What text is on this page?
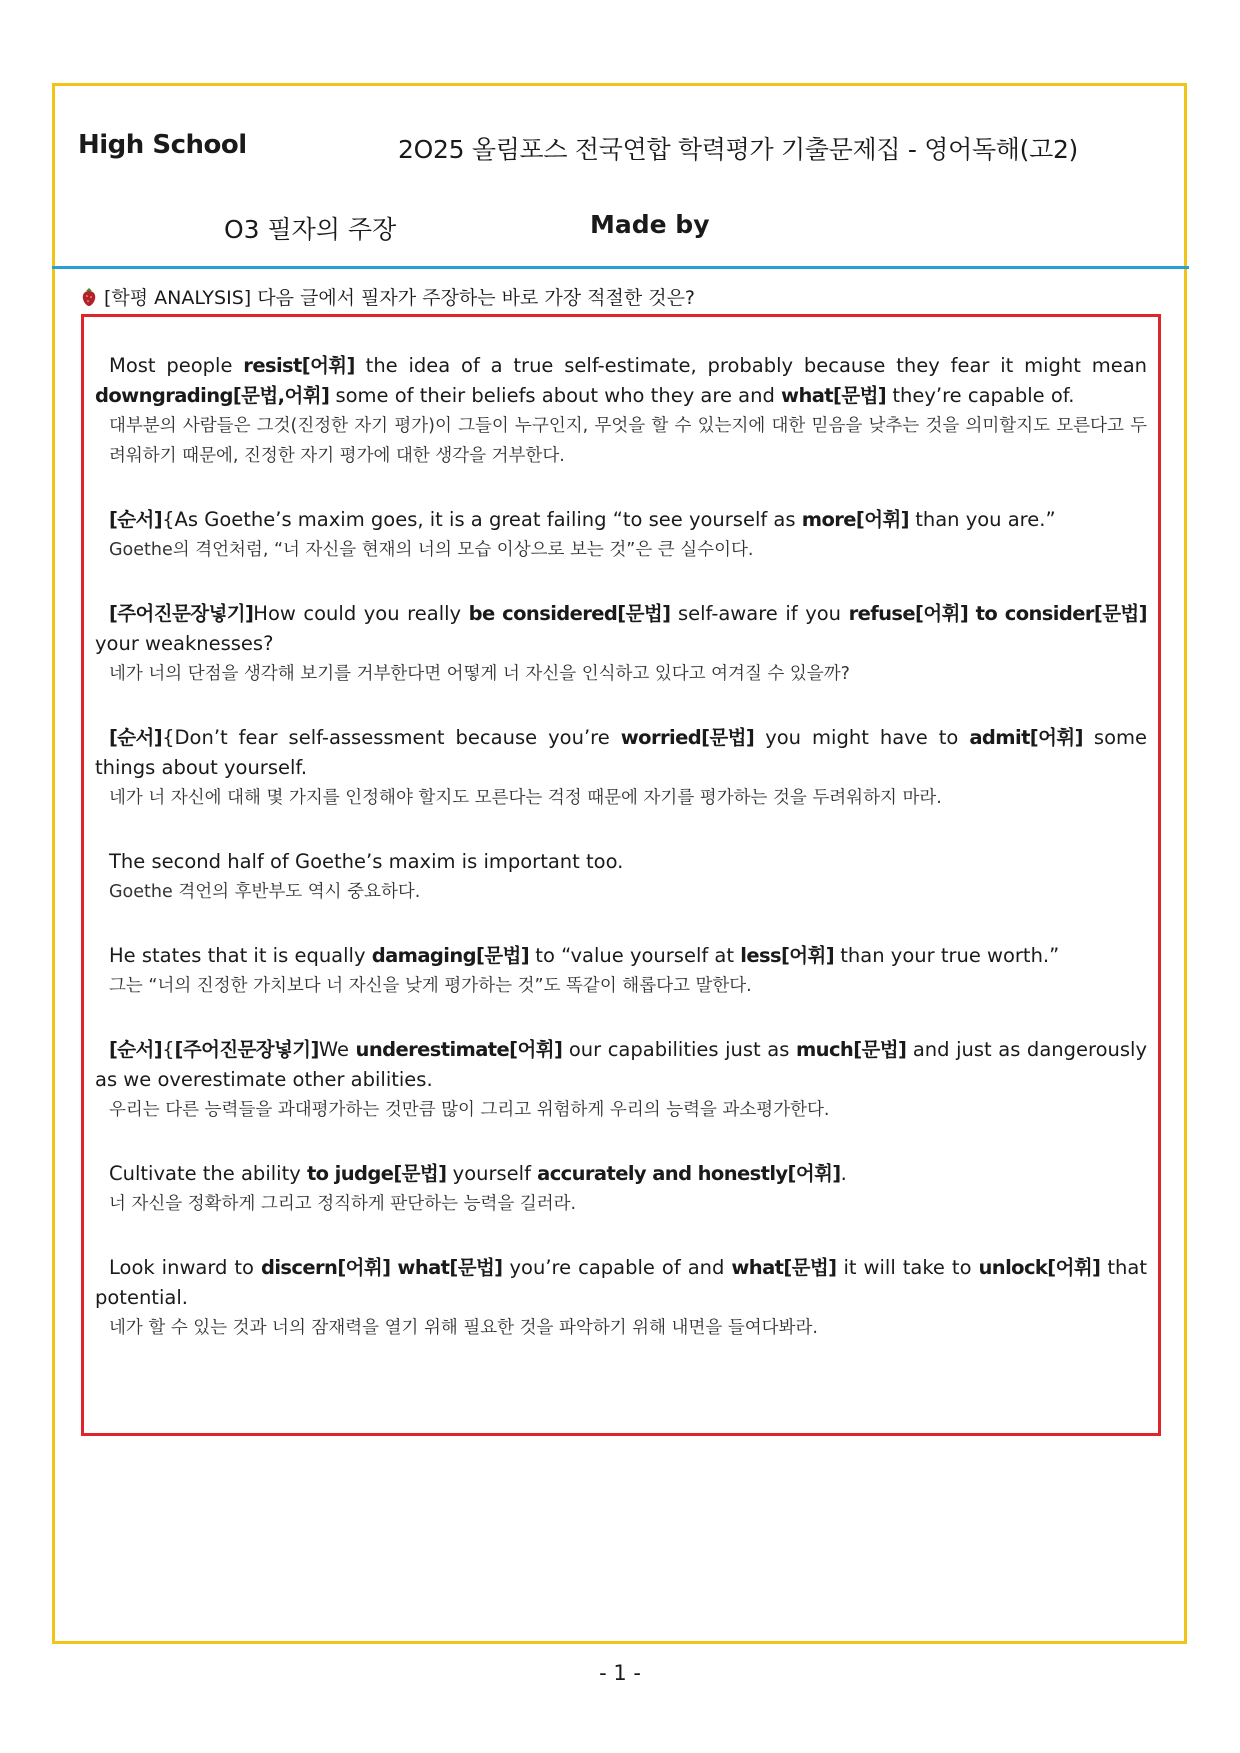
High School	2O25 올림포스 전국연합 학력평가 기출문제집 - 영어독해(고2)
O3 필자의 주장	Made by
[학평 ANALYSIS] 다음 글에서 필자가 주장하는 바로 가장 적절한 것은?
Most people resist[어휘] the idea of a true self-estimate, probably because they fear it might mean downgrading[문법,어휘] some of their beliefs about who they are and what[문법] they’re capable of.
대부분의 사람들은 그것(진정한 자기 평가)이 그들이 누구인지, 무엇을 할 수 있는지에 대한 믿음을 낮추는 것을 의미할지도 모른다고 두려워하기 때문에, 진정한 자기 평가에 대한 생각을 거부한다.
[순서]{As Goethe’s maxim goes, it is a great failing “to see yourself as more[어휘] than you are.”
Goethe의 격언처럼, “너 자신을 현재의 너의 모습 이상으로 보는 것”은 큰 실수이다.
[주어진문장넣기]How could you really be considered[문법] self-aware if you refuse[어휘] to consider[문법] your weaknesses?
네가 너의 단점을 생각해 보기를 거부한다면 어떻게 너 자신을 인식하고 있다고 여겨질 수 있을까?
[순서]{Don’t fear self-assessment because you’re worried[문법] you might have to admit[어휘] some things about yourself.
네가 너 자신에 대해 몇 가지를 인정해야 할지도 모른다는 걱정 때문에 자기를 평가하는 것을 두려워하지 마라.
The second half of Goethe’s maxim is important too.
Goethe 격언의 후반부도 역시 중요하다.
He states that it is equally damaging[문법] to “value yourself at less[어휘] than your true worth.”
그는 “너의 진정한 가치보다 너 자신을 낮게 평가하는 것”도 똑같이 해롭다고 말한다.
[순서]{[주어진문장넣기]We underestimate[어휘] our capabilities just as much[문법] and just as dangerously as we overestimate other abilities.
우리는 다른 능력들을 과대평가하는 것만큼 많이 그리고 위험하게 우리의 능력을 과소평가한다.
Cultivate the ability to judge[문법] yourself accurately and honestly[어휘].
너 자신을 정확하게 그리고 정직하게 판단하는 능력을 길러라.
Look inward to discern[어휘] what[문법] you’re capable of and what[문법] it will take to unlock[어휘] that potential.
네가 할 수 있는 것과 너의 잠재력을 열기 위해 필요한 것을 파악하기 위해 내면을 들여다봐라.
- 1 -
